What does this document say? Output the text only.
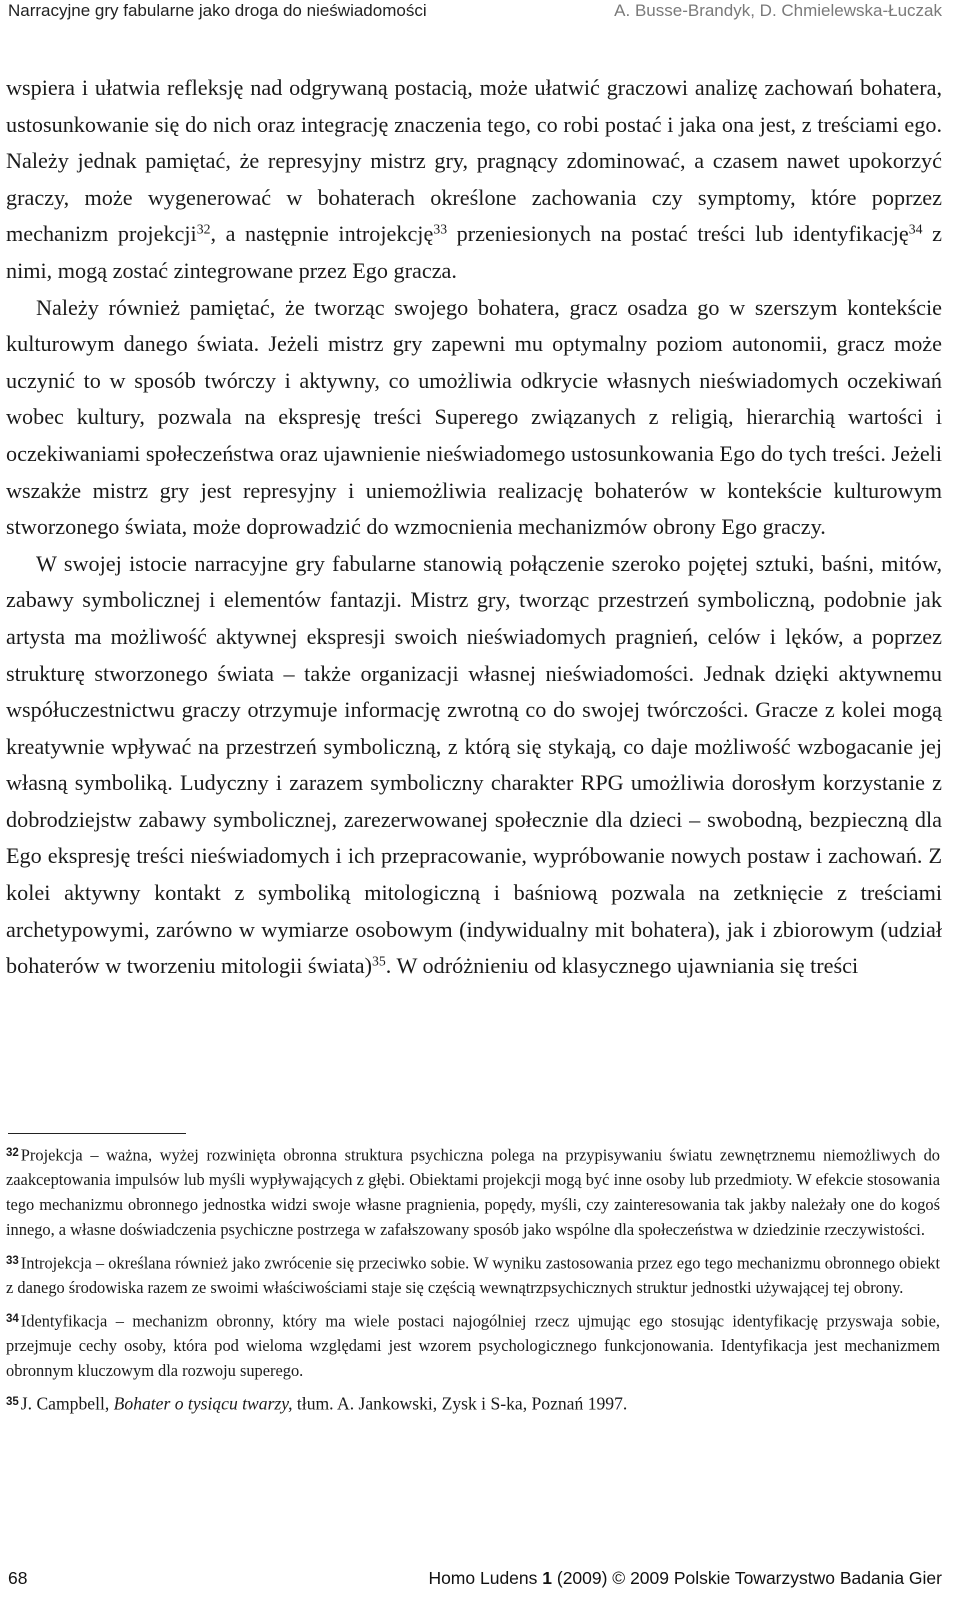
Narracyjne gry fabularne jako droga do nieświadomości	A. Busse-Brandyk, D. Chmielewska-Łuczak

wspiera i ułatwia refleksję nad odgrywaną postacią, może ułatwić graczowi analizę zachowań bohatera, ustosunkowanie się do nich oraz integrację znaczenia tego, co robi postać i jaka ona jest, z treściami ego. Należy jednak pamiętać, że represyjny mistrz gry, pragnący zdominować, a czasem nawet upokorzyć graczy, może wygenerować w bohaterach określone zachowania czy symptomy, które poprzez mechanizm projekcji$^{32}$, a następnie introjekcję$^{33}$ przeniesionych na postać treści lub identyfikację$^{34}$ z nimi, mogą zostać zintegrowane przez Ego gracza.

Należy również pamiętać, że tworząc swojego bohatera, gracz osadza go w szerszym kontekście kulturowym danego świata. Jeżeli mistrz gry zapewni mu optymalny poziom autonomii, gracz może uczynić to w sposób twórczy i aktywny, co umożliwia odkrycie własnych nieświadomych oczekiwań wobec kultury, pozwala na ekspresję treści Superego związanych z religią, hierarchią wartości i oczekiwaniami społeczeństwa oraz ujawnienie nieświadomego ustosunkowania Ego do tych treści. Jeżeli wszakże mistrz gry jest represyjny i uniemożliwia realizację bohaterów w kontekście kulturowym stworzonego świata, może doprowadzić do wzmocnienia mechanizmów obrony Ego graczy.

W swojej istocie narracyjne gry fabularne stanowią połączenie szeroko pojętej sztuki, baśni, mitów, zabawy symbolicznej i elementów fantazji. Mistrz gry, tworząc przestrzeń symboliczną, podobnie jak artysta ma możliwość aktywnej ekspresji swoich nieświadomych pragnień, celów i lęków, a poprzez strukturę stworzonego świata – także organizacji własnej nieświadomości. Jednak dzięki aktywnemu współuczestnictwu graczy otrzymuje informację zwrotną co do swojej twórczości. Gracze z kolei mogą kreatywnie wpływać na przestrzeń symboliczną, z którą się stykają, co daje możliwość wzbogacanie jej własną symboliką. Ludyczny i zarazem symboliczny charakter RPG umożliwia dorosłym korzystanie z dobrodziejstw zabawy symbolicznej, zarezerwowanej społecznie dla dzieci – swobodną, bezpieczną dla Ego ekspresję treści nieświadomych i ich przepracowanie, wypróbowanie nowych postaw i zachowań. Z kolei aktywny kontakt z symboliką mitologiczną i baśniową pozwala na zetknięcie z treściami archetypowymi, zarówno w wymiarze osobowym (indywidualny mit bohatera), jak i zbiorowym (udział bohaterów w tworzeniu mitologii świata)$^{35}$. W odróżnieniu od klasycznego ujawniania się treści

$^{32}$ Projekcja – ważna, wyżej rozwinięta obronna struktura psychiczna polega na przypisywaniu światu zewnętrznemu niemożliwych do zaakceptowania impulsów lub myśli wypływających z głębi. Obiektami projekcji mogą być inne osoby lub przedmioty. W efekcie stosowania tego mechanizmu obronnego jednostka widzi swoje własne pragnienia, popędy, myśli, czy zainteresowania tak jakby należały one do kogoś innego, a własne doświadczenia psychiczne postrzega w zafałszowany sposób jako wspólne dla społeczeństwa w dziedzinie rzeczywistości.

$^{33}$ Introjekcja – określana również jako zwrócenie się przeciwko sobie. W wyniku zastosowania przez ego tego mechanizmu obronnego obiekt z danego środowiska razem ze swoimi właściwościami staje się częścią wewnątrzpsychicznych struktur jednostki używającej tej obrony.

$^{34}$ Identyfikacja – mechanizm obronny, który ma wiele postaci najogólniej rzecz ujmując ego stosując identyfikację przyswaja sobie, przejmuje cechy osoby, która pod wieloma względami jest wzorem psychologicznego funkcjonowania. Identyfikacja jest mechanizmem obronnym kluczowym dla rozwoju superego.

$^{35}$ J. Campbell, Bohater o tysiącu twarzy, tłum. A. Jankowski, Zysk i S-ka, Poznań 1997.

68	Homo Ludens 1 (2009) © 2009 Polskie Towarzystwo Badania Gier
